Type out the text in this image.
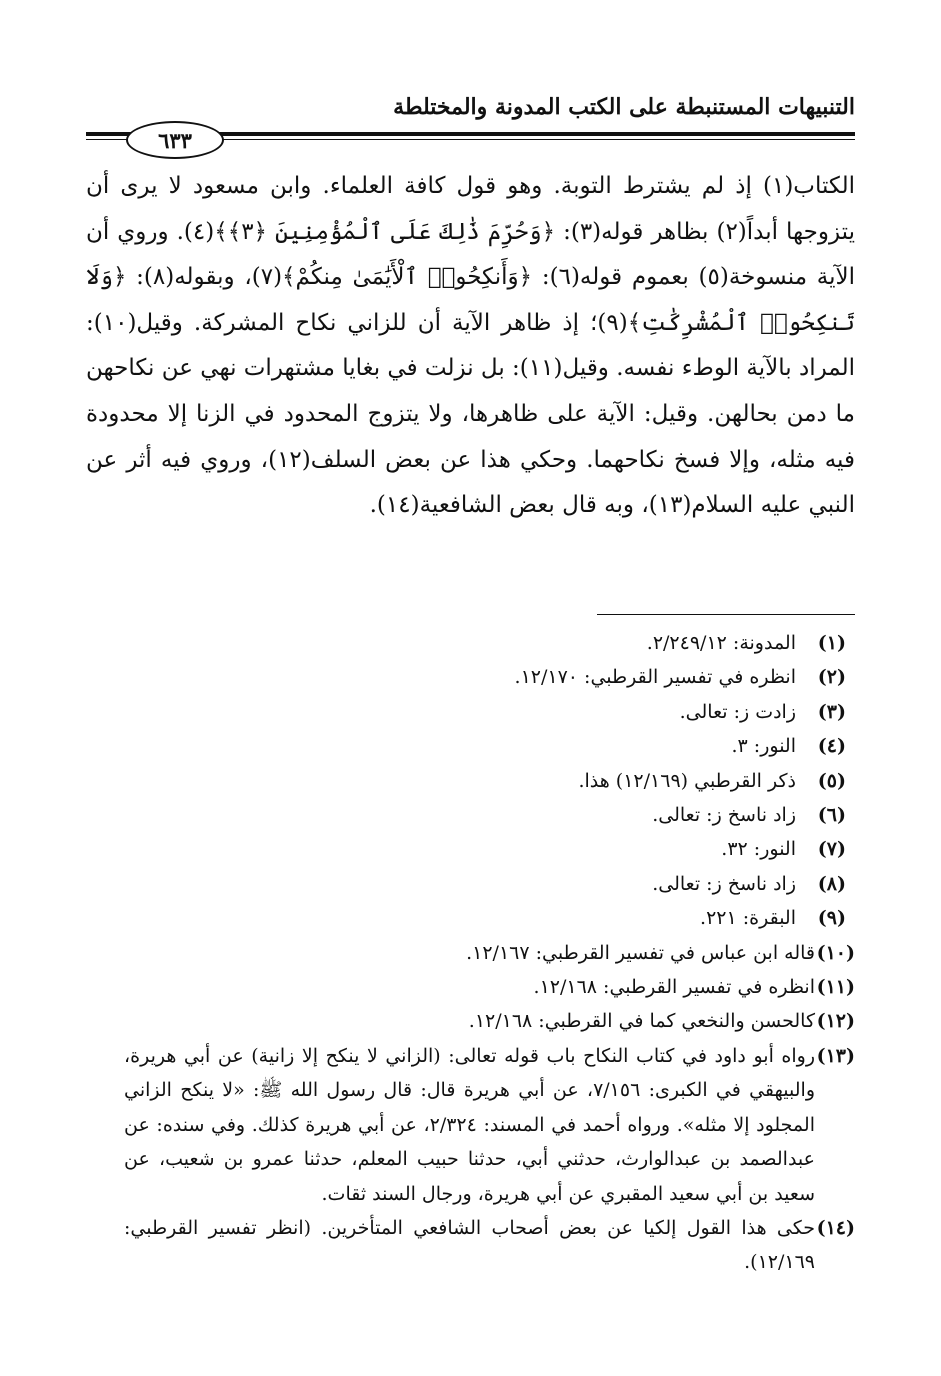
التنبيهات المستنبطة على الكتب المدونة والمختلطة
٦٣٣

الكتاب(١) إذ لم يشترط التوبة. وهو قول كافة العلماء. وابن مسعود لا يرى أن يتزوجها أبداً(٢) بظاهر قوله(٣): ﴿وَحُرِّمَ ذَٰلِكَ عَلَى ٱلْمُؤْمِنِينَ ﴿٣﴾﴾(٤). وروي أن الآية منسوخة(٥) بعموم قوله(٦): ﴿وَأَنكِحُوا۟ ٱلْأَيَٰمَىٰ مِنكُمْ﴾(٧)، وبقوله(٨): ﴿وَلَا تَنكِحُوا۟ ٱلْمُشْرِكَٰتِ﴾(٩)؛ إذ ظاهر الآية أن للزاني نكاح المشركة. وقيل(١٠): المراد بالآية الوطء نفسه. وقيل(١١): بل نزلت في بغايا مشتهرات نهي عن نكاحهن ما دمن بحالهن. وقيل: الآية على ظاهرها، ولا يتزوج المحدود في الزنا إلا محدودة فيه مثله، وإلا فسخ نكاحهما. وحكي هذا عن بعض السلف(١٢)، وروي فيه أثر عن النبي عليه السلام(١٣)، وبه قال بعض الشافعية(١٤).

(١)
المدونة: ٢/٢٤٩/١٢.
(٢)
انظره في تفسير القرطبي: ١٢/١٧٠.
(٣)
زادت ز: تعالى.
(٤)
النور: ٣.
(٥)
ذكر القرطبي (١٢/١٦٩) هذا.
(٦)
زاد ناسخ ز: تعالى.
(٧)
النور: ٣٢.
(٨)
زاد ناسخ ز: تعالى.
(٩)
البقرة: ٢٢١.
(١٠)
قاله ابن عباس في تفسير القرطبي: ١٢/١٦٧.
(١١)
انظره في تفسير القرطبي: ١٢/١٦٨.
(١٢)
كالحسن والنخعي كما في القرطبي: ١٢/١٦٨.
(١٣)
رواه أبو داود في كتاب النكاح باب قوله تعالى: (الزاني لا ينكح إلا زانية) عن أبي هريرة، والبيهقي في الكبرى: ٧/١٥٦، عن أبي هريرة قال: قال رسول الله ﷺ: «لا ينكح الزاني المجلود إلا مثله». ورواه أحمد في المسند: ٢/٣٢٤، عن أبي هريرة كذلك. وفي سنده: عن عبدالصمد بن عبدالوارث، حدثني أبي، حدثنا حبيب المعلم، حدثنا عمرو بن شعيب، عن سعيد بن أبي سعيد المقبري عن أبي هريرة، ورجال السند ثقات.
(١٤)
حكى هذا القول إلكيا عن بعض أصحاب الشافعي المتأخرين. (انظر تفسير القرطبي: ١٢/١٦٩).
